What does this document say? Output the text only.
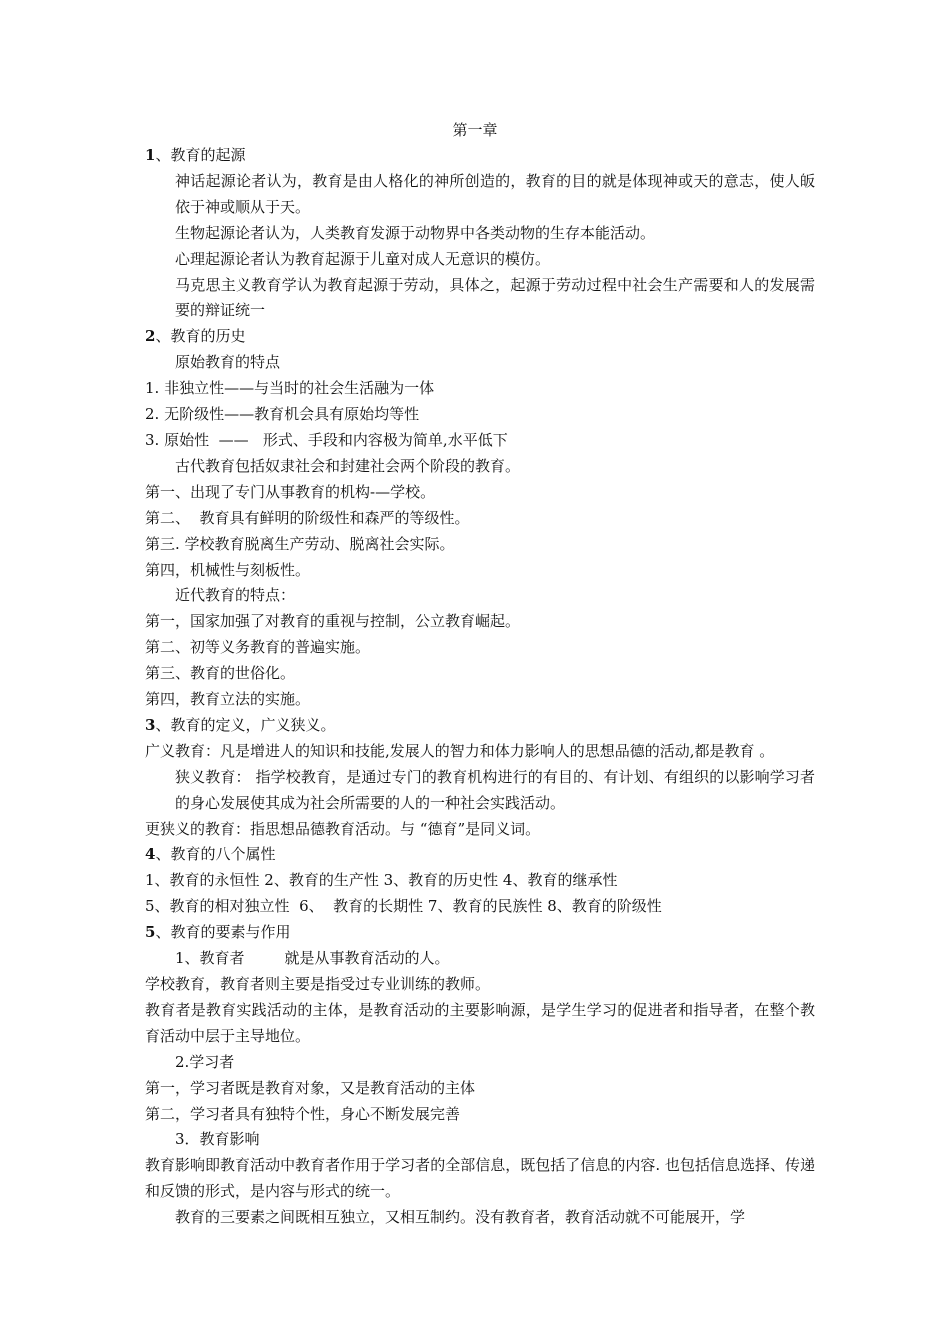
第一章
1、教育的起源
神话起源论者认为，教育是由人格化的神所创造的，教育的目的就是体现神或天的意志，使人皈依于神或顺从于天。
生物起源论者认为，人类教育发源于动物界中各类动物的生存本能活动。
心理起源论者认为教育起源于儿童对成人无意识的模仿。
马克思主义教育学认为教育起源于劳动，具体之，起源于劳动过程中社会生产需要和人的发展需要的辩证统一
2、教育的历史
原始教育的特点
1. 非独立性——与当时的社会生活融为一体
2. 无阶级性——教育机会具有原始均等性
3. 原始性  ——   形式、手段和内容极为简单,水平低下
古代教育包括奴隶社会和封建社会两个阶段的教育。
第一、出现了专门从事教育的机构-—学校。
第二、  教育具有鲜明的阶级性和森严的等级性。
第三. 学校教育脱离生产劳动、脱离社会实际。
第四，机械性与刻板性。
近代教育的特点：
第一，国家加强了对教育的重视与控制，公立教育崛起。
第二、初等义务教育的普遍实施。
第三、教育的世俗化。
第四，教育立法的实施。
3、教育的定义，广义狭义。
广义教育：凡是增进人的知识和技能,发展人的智力和体力影响人的思想品德的活动,都是教育 。
狭义教育： 指学校教育，是通过专门的教育机构进行的有目的、有计划、有组织的以影响学习者的身心发展使其成为社会所需要的人的一种社会实践活动。
更狭义的教育：指思想品德教育活动。与 “德育”是同义词。
4、教育的八个属性
1、教育的永恒性 2、教育的生产性 3、教育的历史性 4、教育的继承性
5、教育的相对独立性  6、  教育的长期性 7、教育的民族性 8、教育的阶级性
5、教育的要素与作用
1、教育者	就是从事教育活动的人。
学校教育，教育者则主要是指受过专业训练的教师。
教育者是教育实践活动的主体，是教育活动的主要影响源，是学生学习的促进者和指导者，在整个教育活动中层于主导地位。
2.学习者
第一，学习者既是教育对象，又是教育活动的主体
第二，学习者具有独特个性，身心不断发展完善
3．教育影响
教育影响即教育活动中教育者作用于学习者的全部信息，既包括了信息的内容. 也包括信息选择、传递和反馈的形式，是内容与形式的统一。
教育的三要素之间既相互独立，又相互制约。没有教育者，教育活动就不可能展开，学
